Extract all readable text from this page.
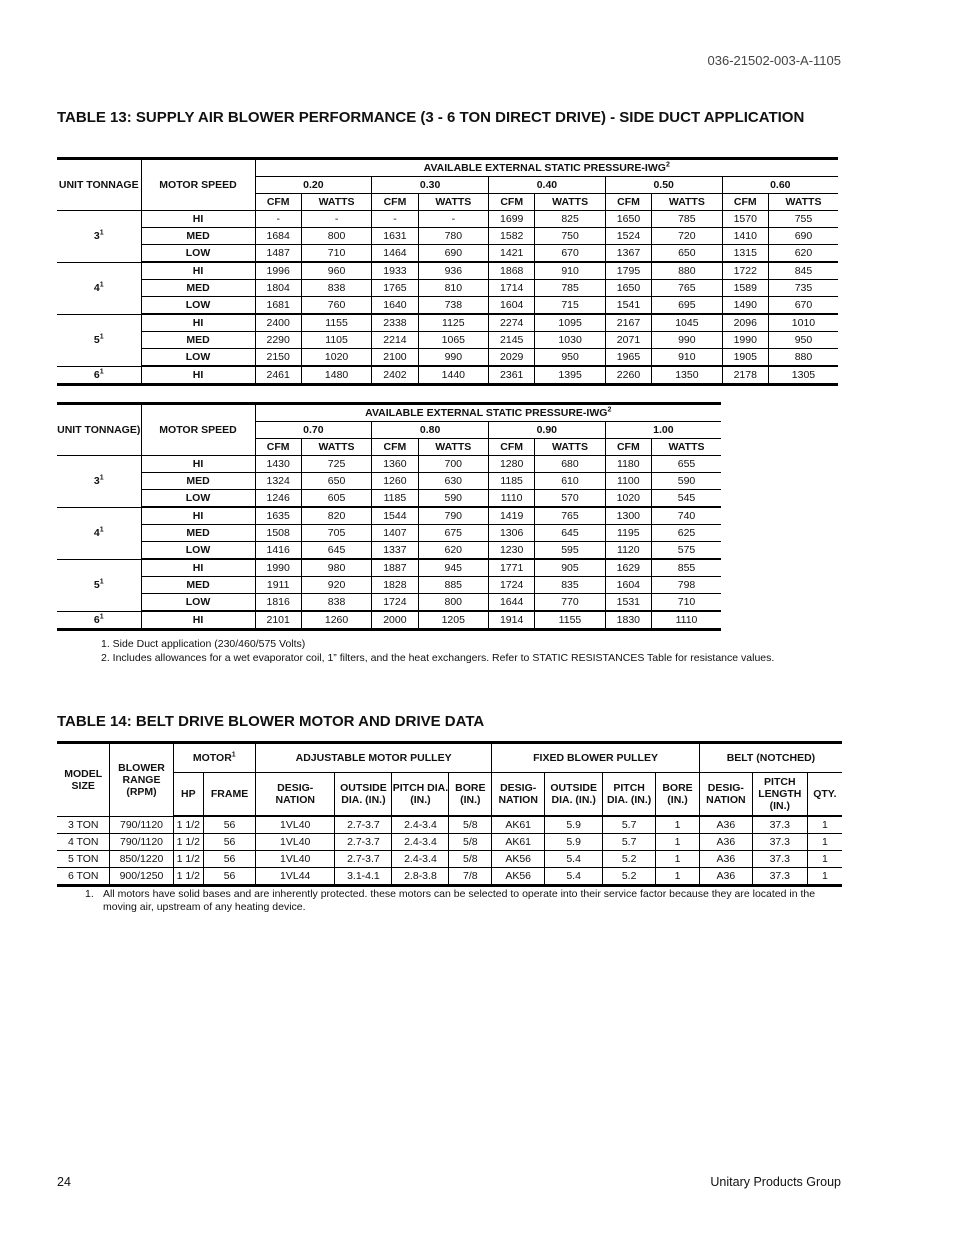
036-21502-003-A-1105
TABLE 13: SUPPLY AIR BLOWER PERFORMANCE (3 - 6 TON DIRECT DRIVE) - SIDE DUCT APPLICATION
UNIT TONNAGE	MOTOR SPEED	AVAILABLE EXTERNAL STATIC PRESSURE-IWG$^2$
		0.20		0.30		0.40		0.50		0.60	
		CFM	WATTS	CFM	WATTS	CFM	WATTS	CFM	WATTS	CFM	WATTS
$3^1$	HI	-	-	-	-	1699	825	1650	785	1570	755
	MED	1684	800	1631	780	1582	750	1524	720	1410	690
	LOW	1487	710	1464	690	1421	670	1367	650	1315	620
$4^1$	HI	1996	960	1933	936	1868	910	1795	880	1722	845
	MED	1804	838	1765	810	1714	785	1650	765	1589	735
	LOW	1681	760	1640	738	1604	715	1541	695	1490	670
$5^1$	HI	2400	1155	2338	1125	2274	1095	2167	1045	2096	1010
	MED	2290	1105	2214	1065	2145	1030	2071	990	1990	950
	LOW	2150	1020	2100	990	2029	950	1965	910	1905	880
$6^1$	HI	2461	1480	2402	1440	2361	1395	2260	1350	2178	1305
UNIT TONNAGE)	MOTOR SPEED	AVAILABLE EXTERNAL STATIC PRESSURE-IWG$^2$
		0.70		0.80		0.90		1.00	
		CFM	WATTS	CFM	WATTS	CFM	WATTS	CFM	WATTS
$3^1$	HI	1430	725	1360	700	1280	680	1180	655
	MED	1324	650	1260	630	1185	610	1100	590
	LOW	1246	605	1185	590	1110	570	1020	545
$4^1$	HI	1635	820	1544	790	1419	765	1300	740
	MED	1508	705	1407	675	1306	645	1195	625
	LOW	1416	645	1337	620	1230	595	1120	575
$5^1$	HI	1990	980	1887	945	1771	905	1629	855
	MED	1911	920	1828	885	1724	835	1604	798
	LOW	1816	838	1724	800	1644	770	1531	710
$6^1$	HI	2101	1260	2000	1205	1914	1155	1830	1110
1. Side Duct application (230/460/575 Volts)
2. Includes allowances for a wet evaporator coil, 1” filters, and the heat exchangers. Refer to STATIC RESISTANCES Table for resistance values.
TABLE 14: BELT DRIVE BLOWER MOTOR AND DRIVE DATA
MODEL SIZE	BLOWER RANGE (RPM)	MOTOR$^1$		ADJUSTABLE MOTOR PULLEY				FIXED BLOWER PULLEY				BELT (NOTCHED)		
		HP	FRAME	DESIG- NATION	OUTSIDE DIA. (IN.)	PITCH DIA. (IN.)	BORE (IN.)	DESIG- NATION	OUTSIDE DIA. (IN.)	PITCH DIA. (IN.)	BORE (IN.)	DESIG- NATION	PITCH LENGTH (IN.)	QTY.
3 TON	790/1120	1 1/2	56	1VL40	2.7-3.7	2.4-3.4	5/8	AK61	5.9	5.7	1	A36	37.3	1
4 TON	790/1120	1 1/2	56	1VL40	2.7-3.7	2.4-3.4	5/8	AK61	5.9	5.7	1	A36	37.3	1
5 TON	850/1220	1 1/2	56	1VL40	2.7-3.7	2.4-3.4	5/8	AK56	5.4	5.2	1	A36	37.3	1
6 TON	900/1250	1 1/2	56	1VL44	3.1-4.1	2.8-3.8	7/8	AK56	5.4	5.2	1	A36	37.3	1
1. All motors have solid bases and are inherently protected. these motors can be selected to operate into their service factor because they are located in the moving air, upstream of any heating device.
24	Unitary Products Group
